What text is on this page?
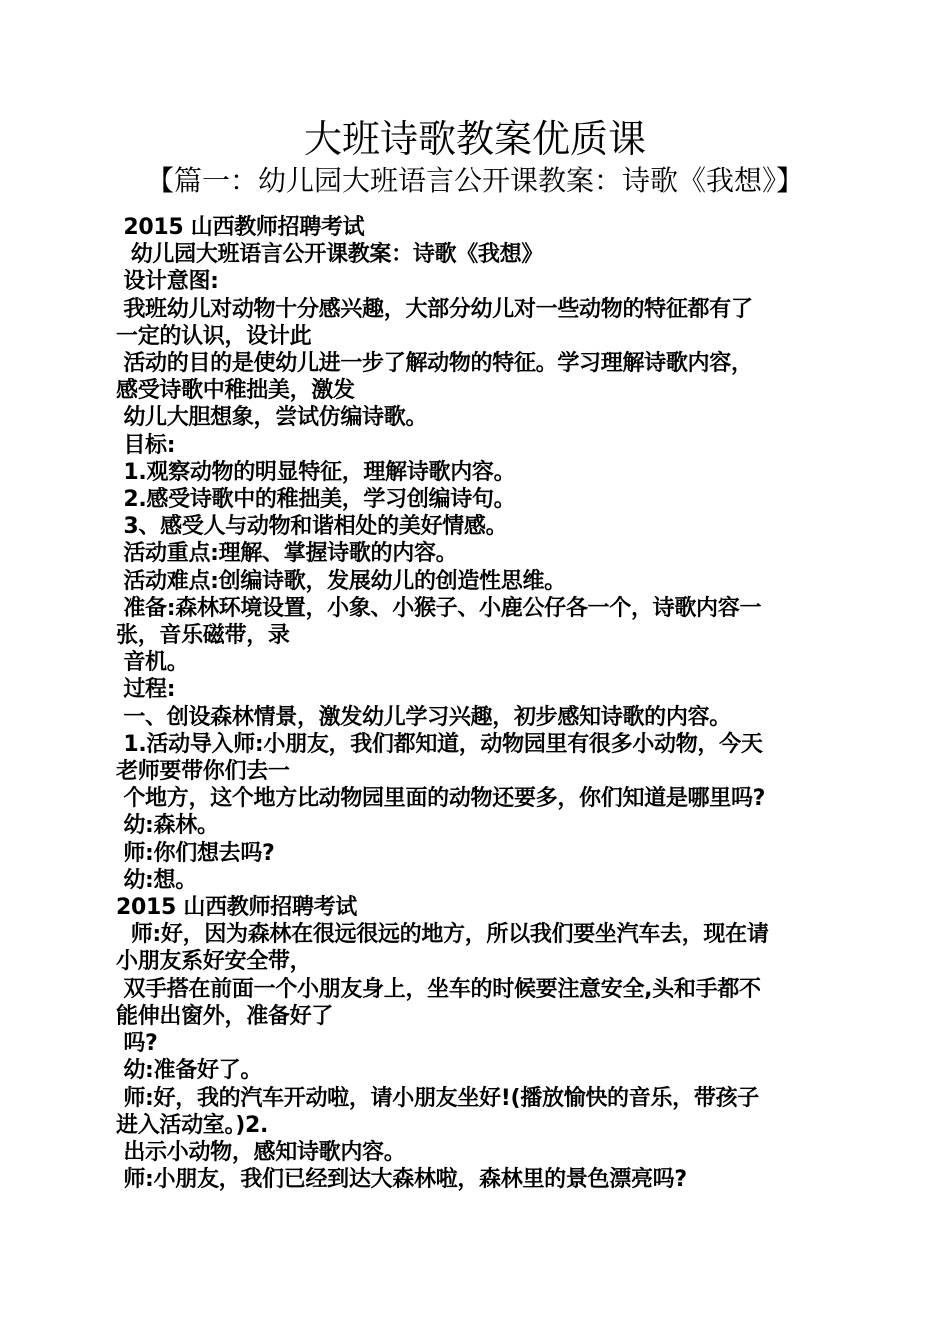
大班诗歌教案优质课
【篇一：幼儿园大班语言公开课教案：诗歌《我想》】
2015 山西教师招聘考试
幼儿园大班语言公开课教案：诗歌《我想》
设计意图:
我班幼儿对动物十分感兴趣，大部分幼儿对一些动物的特征都有了
一定的认识，设计此
活动的目的是使幼儿进一步了解动物的特征。学习理解诗歌内容，
感受诗歌中稚拙美，激发
幼儿大胆想象，尝试仿编诗歌。
目标:
1.观察动物的明显特征，理解诗歌内容。
2.感受诗歌中的稚拙美，学习创编诗句。
3、感受人与动物和谐相处的美好情感。
活动重点:理解、掌握诗歌的内容。
活动难点:创编诗歌，发展幼儿的创造性思维。
准备:森林环境设置，小象、小猴子、小鹿公仔各一个，诗歌内容一
张，音乐磁带，录
音机。
过程:
一、创设森林情景，激发幼儿学习兴趣，初步感知诗歌的内容。
1.活动导入师:小朋友，我们都知道，动物园里有很多小动物，今天
老师要带你们去一
个地方，这个地方比动物园里面的动物还要多，你们知道是哪里吗?
幼:森林。
师:你们想去吗?
幼:想。
2015 山西教师招聘考试
师:好，因为森林在很远很远的地方，所以我们要坐汽车去，现在请
小朋友系好安全带，
双手搭在前面一个小朋友身上，坐车的时候要注意安全,头和手都不
能伸出窗外，准备好了
吗?
幼:准备好了。
师:好，我的汽车开动啦，请小朋友坐好!(播放愉快的音乐，带孩子
进入活动室。)2.
出示小动物，感知诗歌内容。
师:小朋友，我们已经到达大森林啦，森林里的景色漂亮吗?
